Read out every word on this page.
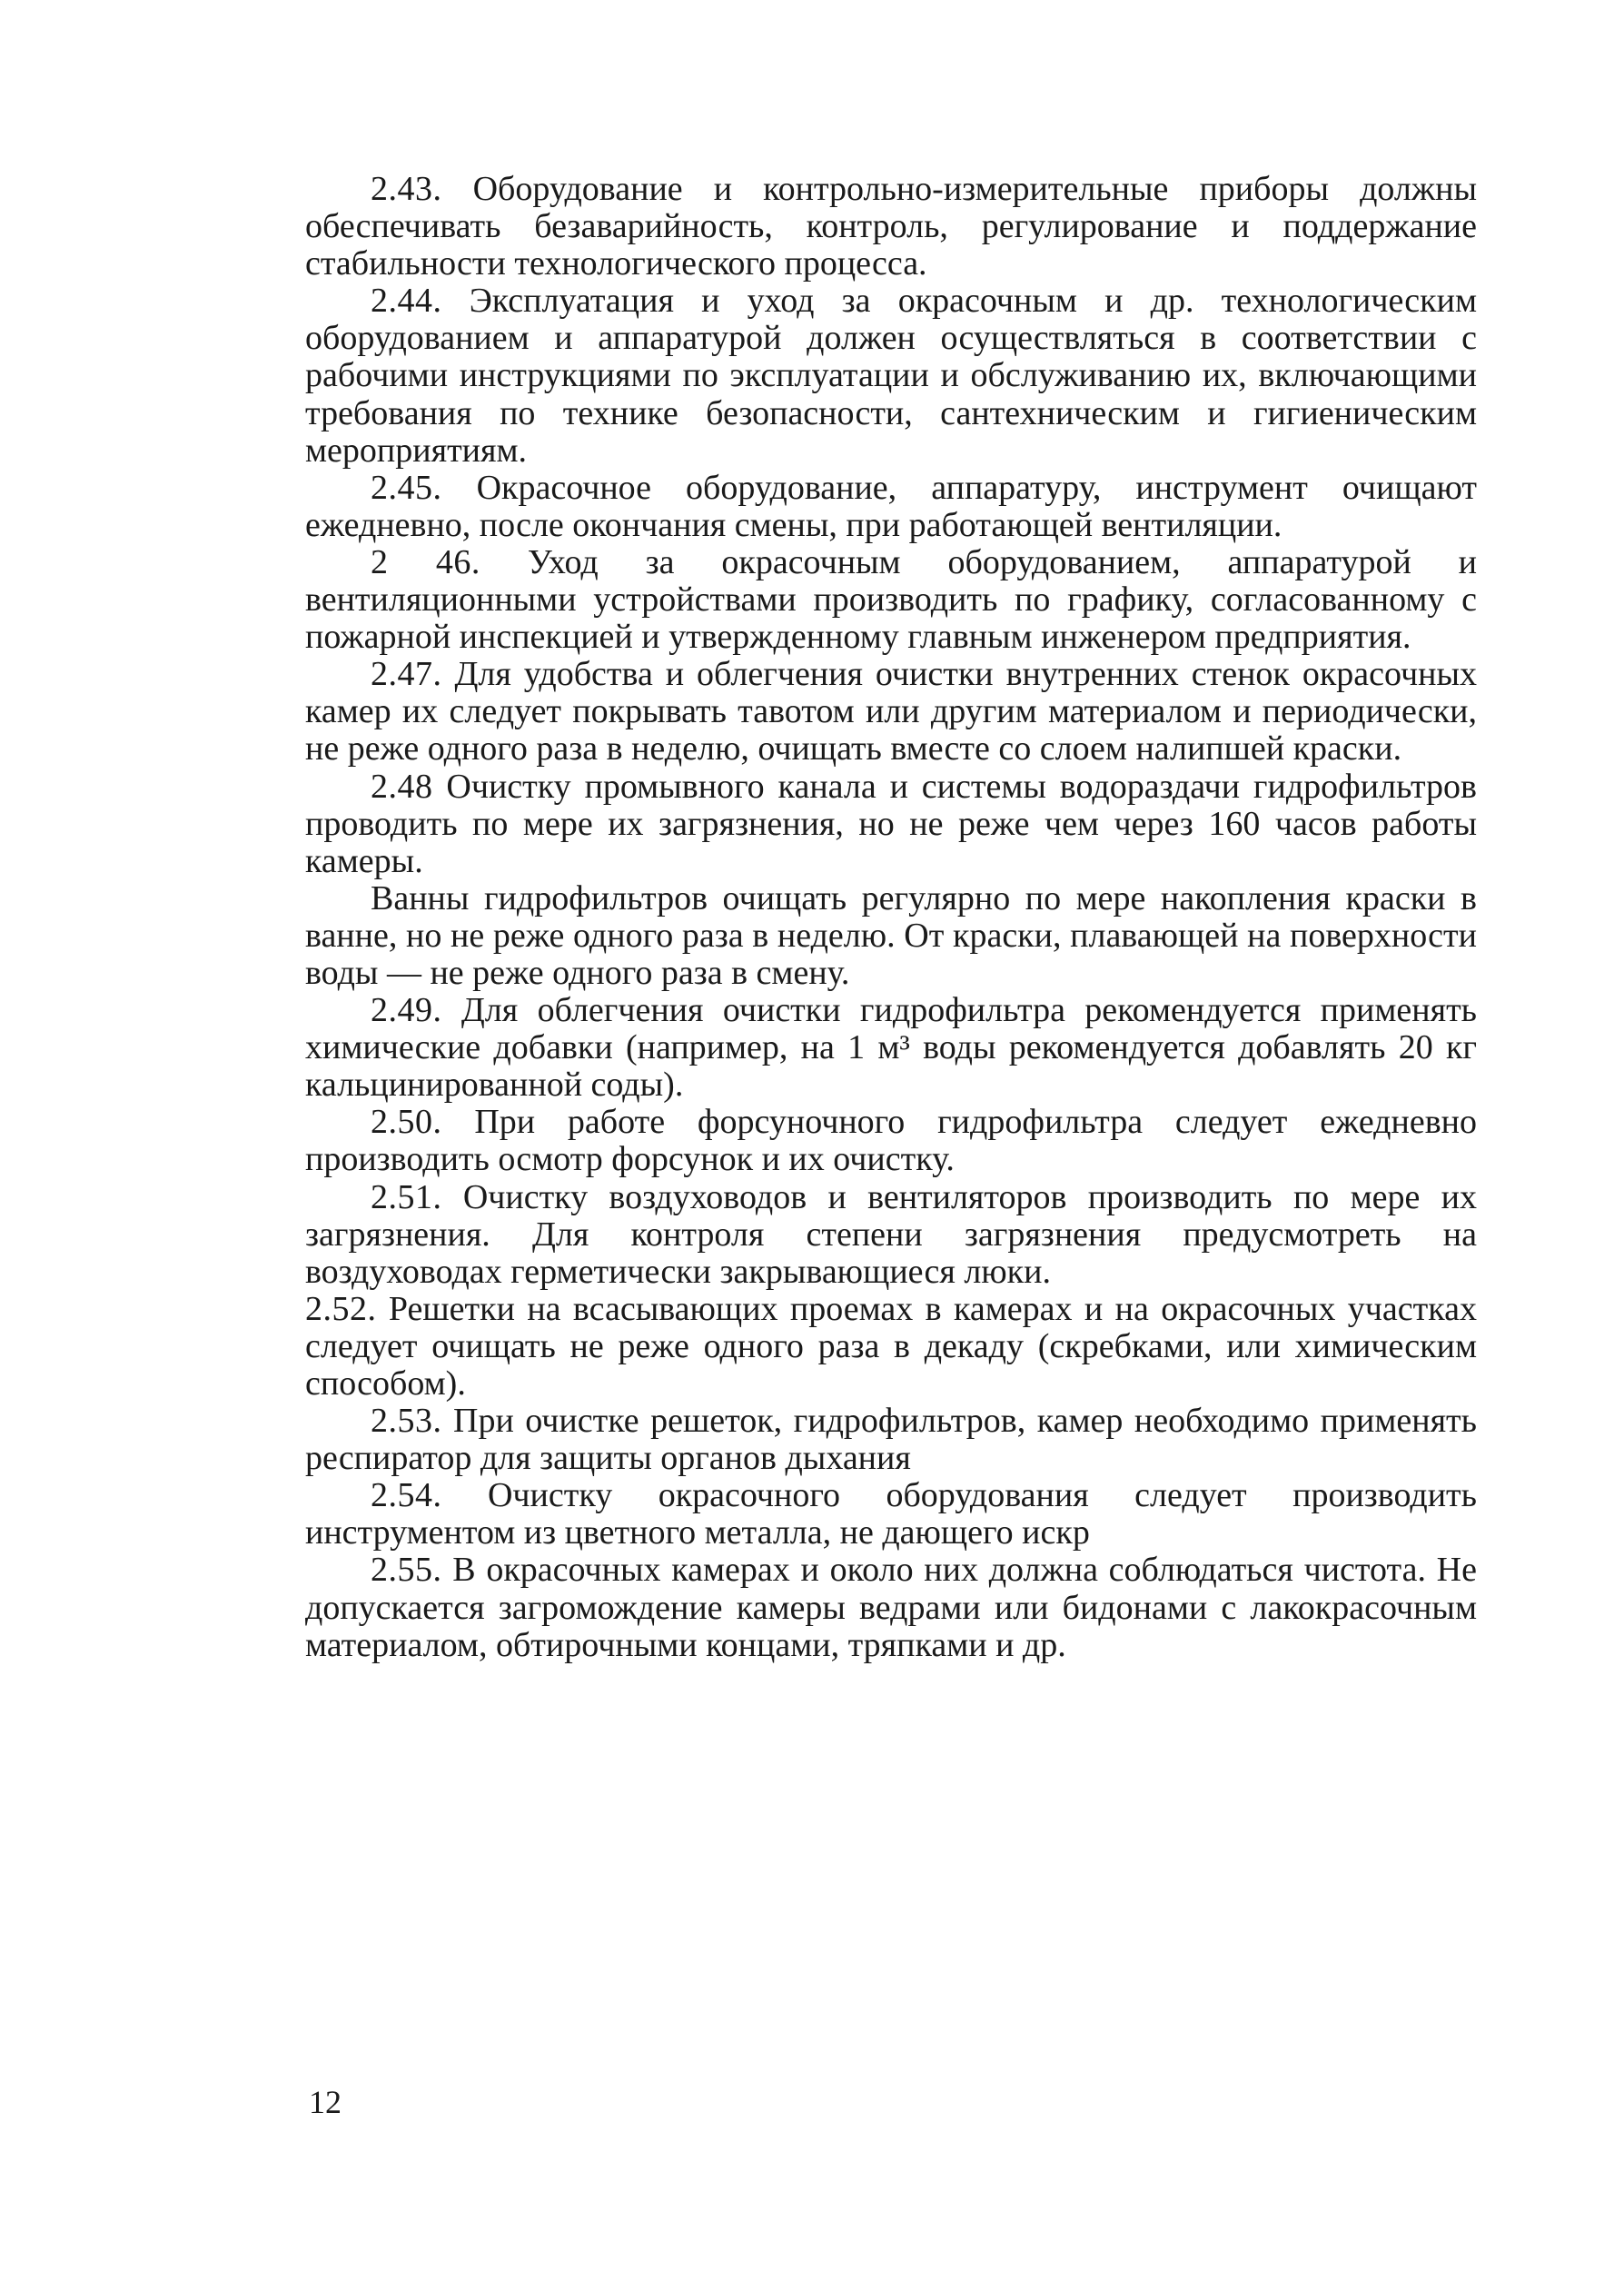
2.43. Оборудование и контрольно-измерительные приборы должны обеспечивать безаварийность, контроль, регулирование и поддержание стабильности технологического процесса.

2.44. Эксплуатация и уход за окрасочным и др. технологическим оборудованием и аппаратурой должен осуществляться в соответствии с рабочими инструкциями по эксплуатации и обслуживанию их, включающими требования по технике безопасности, сантехническим и гигиеническим мероприятиям.

2.45. Окрасочное оборудование, аппаратуру, инструмент очищают ежедневно, после окончания смены, при работающей вентиляции.

2 46. Уход за окрасочным оборудованием, аппаратурой и вентиляционными устройствами производить по графику, согласованному с пожарной инспекцией и утвержденному главным инженером предприятия.

2.47. Для удобства и облегчения очистки внутренних стенок окрасочных камер их следует покрывать тавотом или другим материалом и периодически, не реже одного раза в неделю, очищать вместе со слоем налипшей краски.

2.48 Очистку промывного канала и системы водораздачи гидрофильтров проводить по мере их загрязнения, но не реже чем через 160 часов работы камеры.

Ванны гидрофильтров очищать регулярно по мере накопления краски в ванне, но не реже одного раза в неделю. От краски, плавающей на поверхности воды — не реже одного раза в смену.

2.49. Для облегчения очистки гидрофильтра рекомендуется применять химические добавки (например, на 1 м³ воды рекомендуется добавлять 20 кг кальцинированной соды).

2.50. При работе форсуночного гидрофильтра следует ежедневно производить осмотр форсунок и их очистку.

2.51. Очистку воздуховодов и вентиляторов производить по мере их загрязнения. Для контроля степени загрязнения предусмотреть на воздуховодах герметически закрывающиеся люки.

2.52. Решетки на всасывающих проемах в камерах и на окрасочных участках следует очищать не реже одного раза в декаду (скребками, или химическим способом).

2.53. При очистке решеток, гидрофильтров, камер необходимо применять респиратор для защиты органов дыхания

2.54. Очистку окрасочного оборудования следует производить инструментом из цветного металла, не дающего искр

2.55. В окрасочных камерах и около них должна соблюдаться чистота. Не допускается загромождение камеры ведрами или бидонами с лакокрасочным материалом, обтирочными концами, тряпками и др.

12
